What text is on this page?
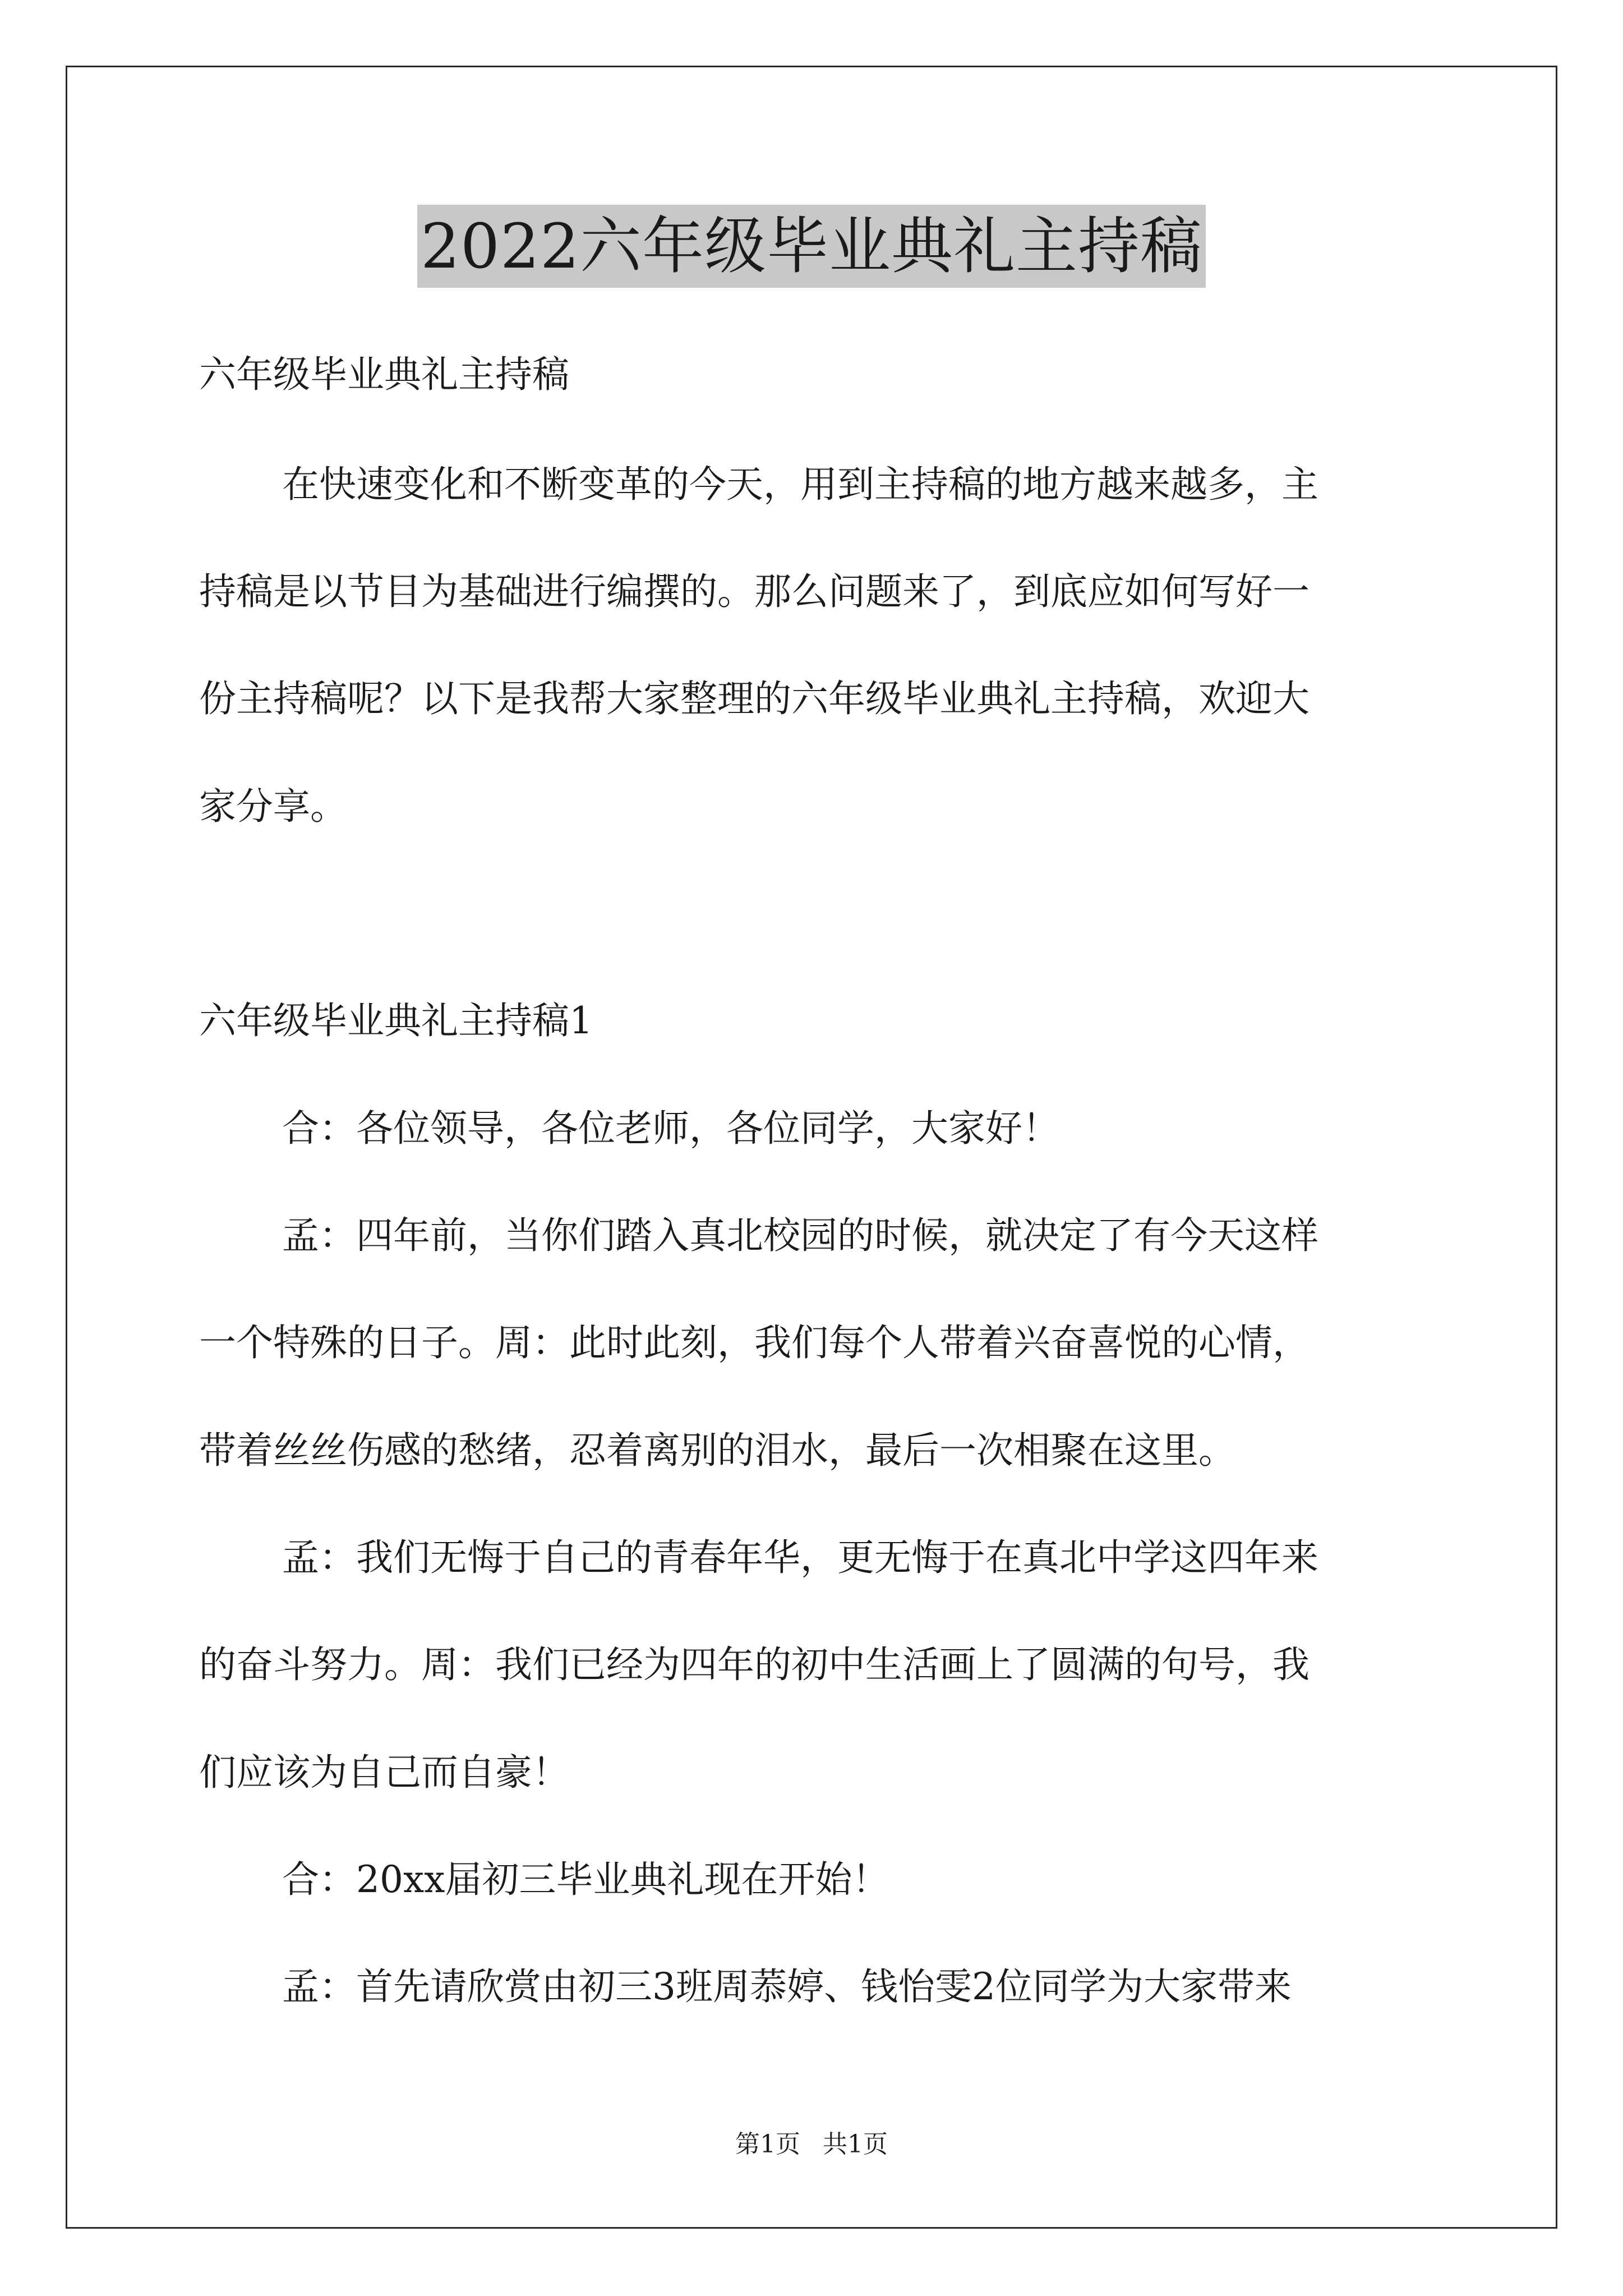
2022六年级毕业典礼主持稿
六年级毕业典礼主持稿
在快速变化和不断变革的今天，用到主持稿的地方越来越多，主
持稿是以节目为基础进行编撰的。那么问题来了，到底应如何写好一
份主持稿呢？以下是我帮大家整理的六年级毕业典礼主持稿，欢迎大
家分享。
六年级毕业典礼主持稿1
合：各位领导，各位老师，各位同学，大家好！
孟：四年前，当你们踏入真北校园的时候，就决定了有今天这样
一个特殊的日子。周：此时此刻，我们每个人带着兴奋喜悦的心情，
带着丝丝伤感的愁绪，忍着离别的泪水，最后一次相聚在这里。
孟：我们无悔于自己的青春年华，更无悔于在真北中学这四年来
的奋斗努力。周：我们已经为四年的初中生活画上了圆满的句号，我
们应该为自己而自豪！
合：20xx届初三毕业典礼现在开始！
孟：首先请欣赏由初三3班周菾婷、钱怡雯2位同学为大家带来
第1页 共1页
